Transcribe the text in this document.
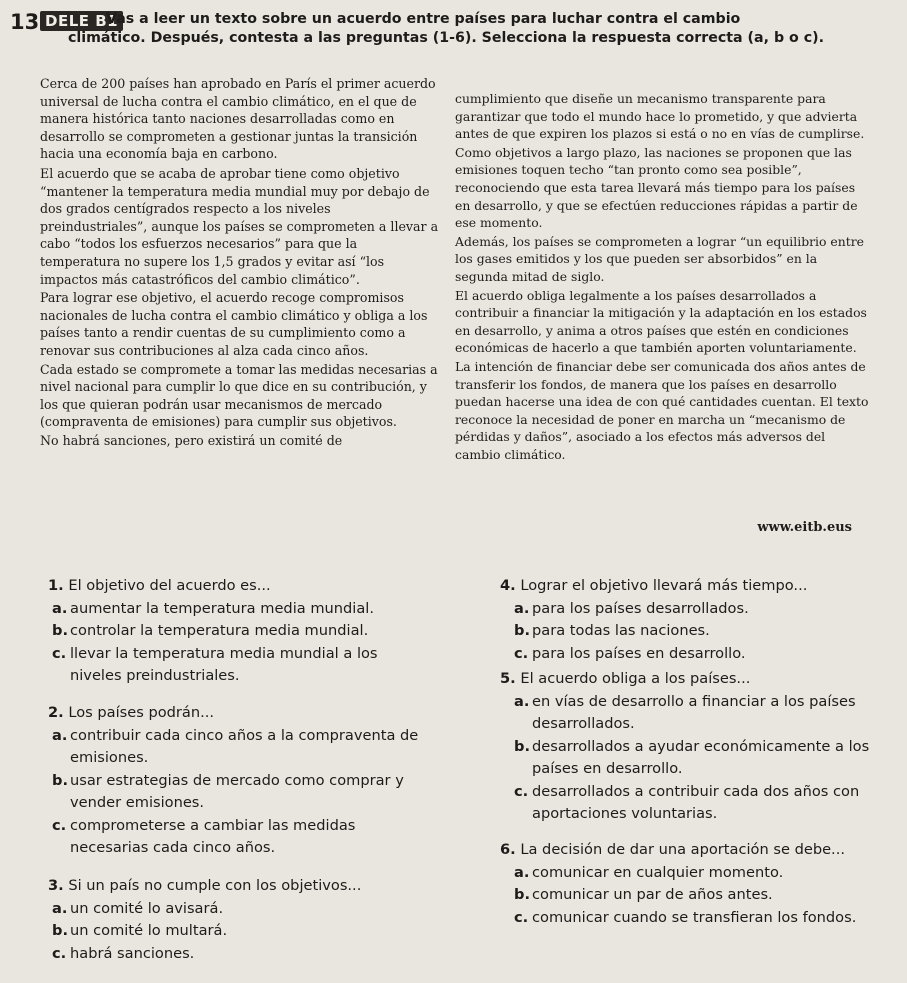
13 DELE B1

Vas a leer un texto sobre un acuerdo entre países para luchar contra el cambio
climático. Después, contesta a las preguntas (1-6). Selecciona la respuesta correcta (a, b o c).

Cerca de 200 países han aprobado en París el primer acuerdo universal de lucha contra el cambio climático, en el que de manera histórica tanto naciones desarrolladas como en desarrollo se comprometen a gestionar juntas la transición hacia una economía baja en carbono.

El acuerdo que se acaba de aprobar tiene como objetivo “mantener la temperatura media mundial muy por debajo de dos grados centígrados respecto a los niveles preindustriales”, aunque los países se comprometen a llevar a cabo “todos los esfuerzos necesarios” para que la temperatura no supere los 1,5 grados y evitar así “los impactos más catastróficos del cambio climático”.

Para lograr ese objetivo, el acuerdo recoge compromisos nacionales de lucha contra el cambio climático y obliga a los países tanto a rendir cuentas de su cumplimiento como a renovar sus contribuciones al alza cada cinco años.

Cada estado se compromete a tomar las medidas necesarias a nivel nacional para cumplir lo que dice en su contribución, y los que quieran podrán usar mecanismos de mercado (compraventa de emisiones) para cumplir sus objetivos.

No habrá sanciones, pero existirá un comité de

cumplimiento que diseñe un mecanismo transparente para garantizar que todo el mundo hace lo prometido, y que advierta antes de que expiren los plazos si está o no en vías de cumplirse.

Como objetivos a largo plazo, las naciones se proponen que las emisiones toquen techo “tan pronto como sea posible”, reconociendo que esta tarea llevará más tiempo para los países en desarrollo, y que se efectúen reducciones rápidas a partir de ese momento.

Además, los países se comprometen a lograr “un equilibrio entre los gases emitidos y los que pueden ser absorbidos” en la segunda mitad de siglo.

El acuerdo obliga legalmente a los países desarrollados a contribuir a financiar la mitigación y la adaptación en los estados en desarrollo, y anima a otros países que estén en condiciones económicas de hacerlo a que también aporten voluntariamente.

La intención de financiar debe ser comunicada dos años antes de transferir los fondos, de manera que los países en desarrollo puedan hacerse una idea de con qué cantidades cuentan. El texto reconoce la necesidad de poner en marcha un “mecanismo de pérdidas y daños”, asociado a los efectos más adversos del cambio climático.

www.eitb.eus

1. El objetivo del acuerdo es...

a. aumentar la temperatura media mundial.

b. controlar la temperatura media mundial.

c. llevar la temperatura media mundial a los niveles preindustriales.

2. Los países podrán...

a. contribuir cada cinco años a la compraventa de emisiones.

b. usar estrategias de mercado como comprar y vender emisiones.

c. comprometerse a cambiar las medidas necesarias cada cinco años.

3. Si un país no cumple con los objetivos...

a. un comité lo avisará.

b. un comité lo multará.

c. habrá sanciones.

4. Lograr el objetivo llevará más tiempo...

a. para los países desarrollados.

b. para todas las naciones.

c. para los países en desarrollo.

5. El acuerdo obliga a los países...

a. en vías de desarrollo a financiar a los países desarrollados.

b. desarrollados a ayudar económicamente a los países en desarrollo.

c. desarrollados a contribuir cada dos años con aportaciones voluntarias.

6. La decisión de dar una aportación se debe...

a. comunicar en cualquier momento.

b. comunicar un par de años antes.

c. comunicar cuando se transfieran los fondos.
